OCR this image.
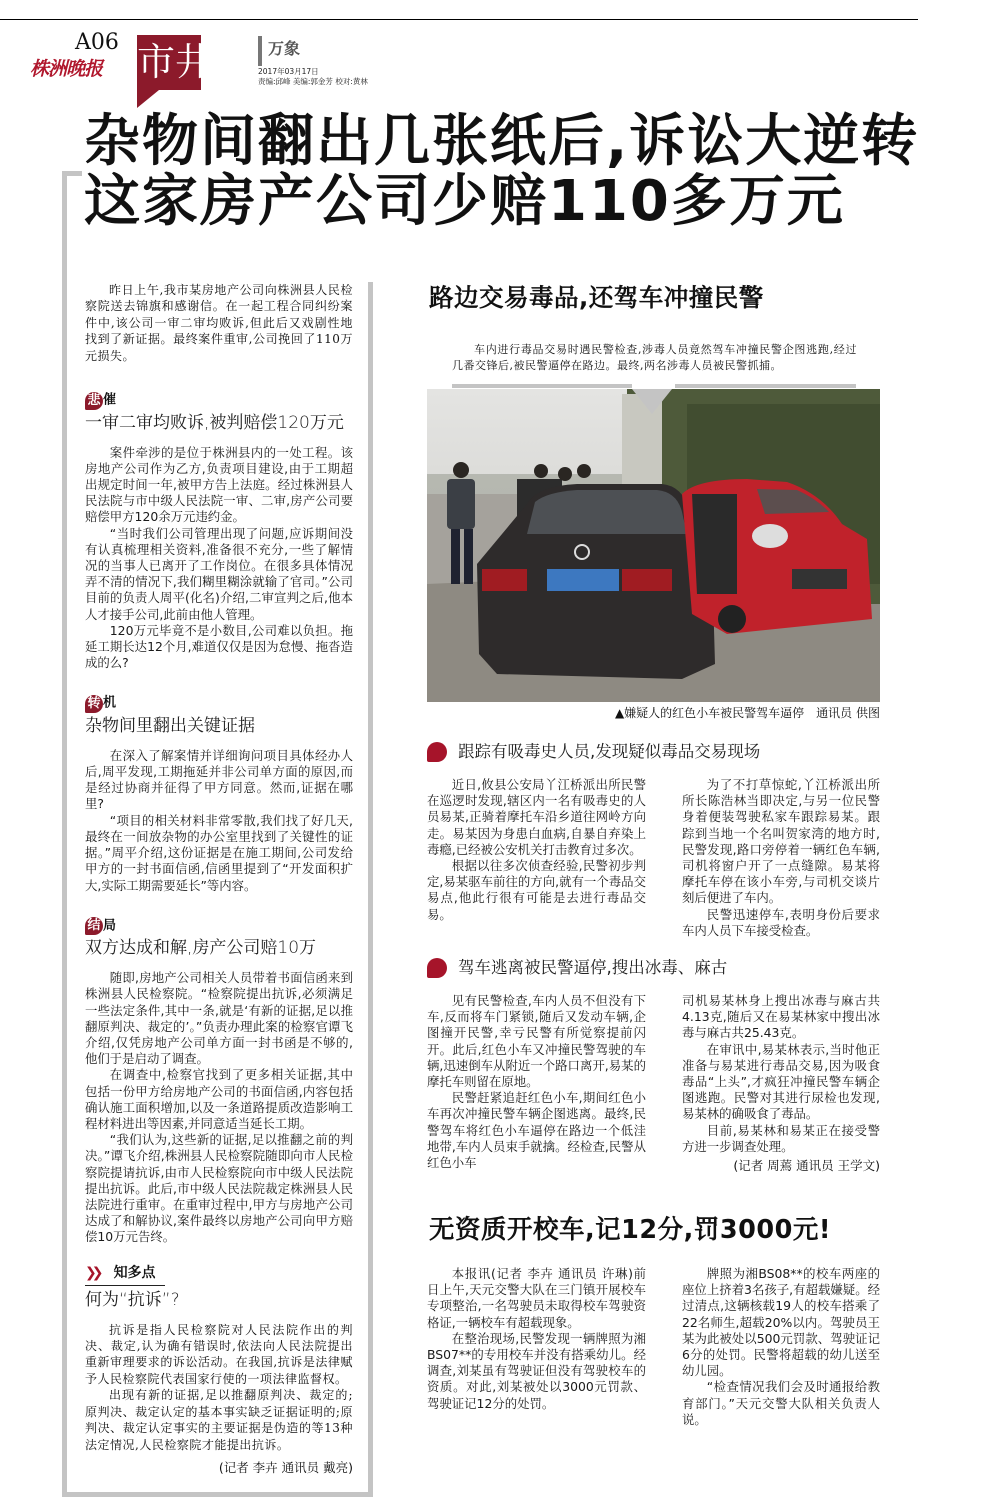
A06
株洲晚报 市井	万象
2017年03月17日
责编:邱峰 美编:郭金芳 校对:黄林
杂物间翻出几张纸后,诉讼大逆转
这家房产公司少赔110多万元
昨日上午,我市某房地产公司向株洲县人民检察院送去锦旗和感谢信。在一起工程合同纠纷案件中,该公司一审二审均败诉,但此后又戏剧性地找到了新证据。最终案件重审,公司挽回了110万元损失。
悲 催
一审二审均败诉,被判赔偿120万元

案件牵涉的是位于株洲县内的一处工程。该房地产公司作为乙方,负责项目建设,由于工期超出规定时间一年,被甲方告上法庭。经过株洲县人民法院与市中级人民法院一审、二审,房产公司要赔偿甲方120余万元违约金。

“当时我们公司管理出现了问题,应诉期间没有认真梳理相关资料,准备很不充分,一些了解情况的当事人已离开了工作岗位。在很多具体情况弄不清的情况下,我们糊里糊涂就输了官司。”公司目前的负责人周平(化名)介绍,二审宣判之后,他本人才接手公司,此前由他人管理。

120万元毕竟不是小数目,公司难以负担。拖延工期长达12个月,难道仅仅是因为怠慢、拖沓造成的么?

转 机
杂物间里翻出关键证据

在深入了解案情并详细询问项目具体经办人后,周平发现,工期拖延并非公司单方面的原因,而是经过协商并征得了甲方同意。然而,证据在哪里?

“项目的相关材料非常零散,我们找了好几天,最终在一间放杂物的办公室里找到了关键性的证据。”周平介绍,这份证据是在施工期间,公司发给甲方的一封书面信函,信函里提到了“开发面积扩大,实际工期需要延长”等内容。

结 局
双方达成和解,房产公司赔10万

随即,房地产公司相关人员带着书面信函来到株洲县人民检察院。“检察院提出抗诉,必须满足一些法定条件,其中一条,就是‘有新的证据,足以推翻原判决、裁定的’。”负责办理此案的检察官谭飞介绍,仅凭房地产公司单方面一封书函是不够的,他们于是启动了调查。

在调查中,检察官找到了更多相关证据,其中包括一份甲方给房地产公司的书面信函,内容包括确认施工面积增加,以及一条道路提质改造影响工程材料进出等因素,并同意适当延长工期。

“我们认为,这些新的证据,足以推翻之前的判决。”谭飞介绍,株洲县人民检察院随即向市人民检察院提请抗诉,由市人民检察院向市中级人民法院提出抗诉。此后,市中级人民法院裁定株洲县人民法院进行重审。在重审过程中,甲方与房地产公司达成了和解协议,案件最终以房地产公司向甲方赔偿10万元告终。

❯❯ 知多点
何为“抗诉”?

抗诉是指人民检察院对人民法院作出的判决、裁定,认为确有错误时,依法向人民法院提出重新审理要求的诉讼活动。在我国,抗诉是法律赋予人民检察院代表国家行使的一项法律监督权。

出现有新的证据,足以推翻原判决、裁定的;原判决、裁定认定的基本事实缺乏证据证明的;原判决、裁定认定事实的主要证据是伪造的等13种法定情况,人民检察院才能提出抗诉。

(记者 李卉 通讯员 戴亮)
路边交易毒品,还驾车冲撞民警
车内进行毒品交易时遇民警检查,涉毒人员竟然驾车冲撞民警企图逃跑,经过几番交锋后,被民警逼停在路边。最终,两名涉毒人员被民警抓捕。
▲嫌疑人的红色小车被民警驾车逼停　通讯员 供图
跟踪有吸毒史人员,发现疑似毒品交易现场

近日,攸县公安局丫江桥派出所民警在巡逻时发现,辖区内一名有吸毒史的人员易某,正骑着摩托车沿乡道往网岭方向走。易某因为身患白血病,自暴自弃染上毒瘾,已经被公安机关打击教育过多次。

根据以往多次侦查经验,民警初步判定,易某驱车前往的方向,就有一个毒品交易点,他此行很有可能是去进行毒品交易。

为了不打草惊蛇,丫江桥派出所所长陈浩林当即决定,与另一位民警身着便装驾驶私家车跟踪易某。跟踪到当地一个名叫贺家湾的地方时,民警发现,路口旁停着一辆红色车辆,司机将窗户开了一点缝隙。易某将摩托车停在该小车旁,与司机交谈片刻后便进了车内。

民警迅速停车,表明身份后要求车内人员下车接受检查。

驾车逃离被民警逼停,搜出冰毒、麻古

见有民警检查,车内人员不但没有下车,反而将车门紧锁,随后又发动车辆,企图撞开民警,幸亏民警有所觉察提前闪开。此后,红色小车又冲撞民警驾驶的车辆,迅速倒车从附近一个路口离开,易某的摩托车则留在原地。

民警赶紧追赶红色小车,期间红色小车再次冲撞民警车辆企图逃离。最终,民警驾车将红色小车逼停在路边一个低洼地带,车内人员束手就擒。经检查,民警从红色小车

司机易某林身上搜出冰毒与麻古共4.13克,随后又在易某林家中搜出冰毒与麻古共25.43克。

在审讯中,易某林表示,当时他正准备与易某进行毒品交易,因为吸食毒品“上头”,才疯狂冲撞民警车辆企图逃跑。民警对其进行尿检也发现,易某林的确吸食了毒品。

目前,易某林和易某正在接受警方进一步调查处理。

(记者 周蔫 通讯员 王学文)
无资质开校车,记12分,罚3000元!

本报讯(记者 李卉 通讯员 许琳)前日上午,天元交警大队在三门镇开展校车专项整治,一名驾驶员未取得校车驾驶资格证,一辆校车有超载现象。

在整治现场,民警发现一辆牌照为湘BS07**的专用校车并没有搭乘幼儿。经调查,刘某虽有驾驶证但没有驾驶校车的资质。对此,刘某被处以3000元罚款、驾驶证记12分的处罚。

牌照为湘BS08**的校车两座的座位上挤着3名孩子,有超载嫌疑。经过清点,这辆核载19人的校车搭乘了22名师生,超载20%以内。驾驶员王某为此被处以500元罚款、驾驶证记6分的处罚。民警将超载的幼儿送至幼儿园。

“检查情况我们会及时通报给教育部门。”天元交警大队相关负责人说。
